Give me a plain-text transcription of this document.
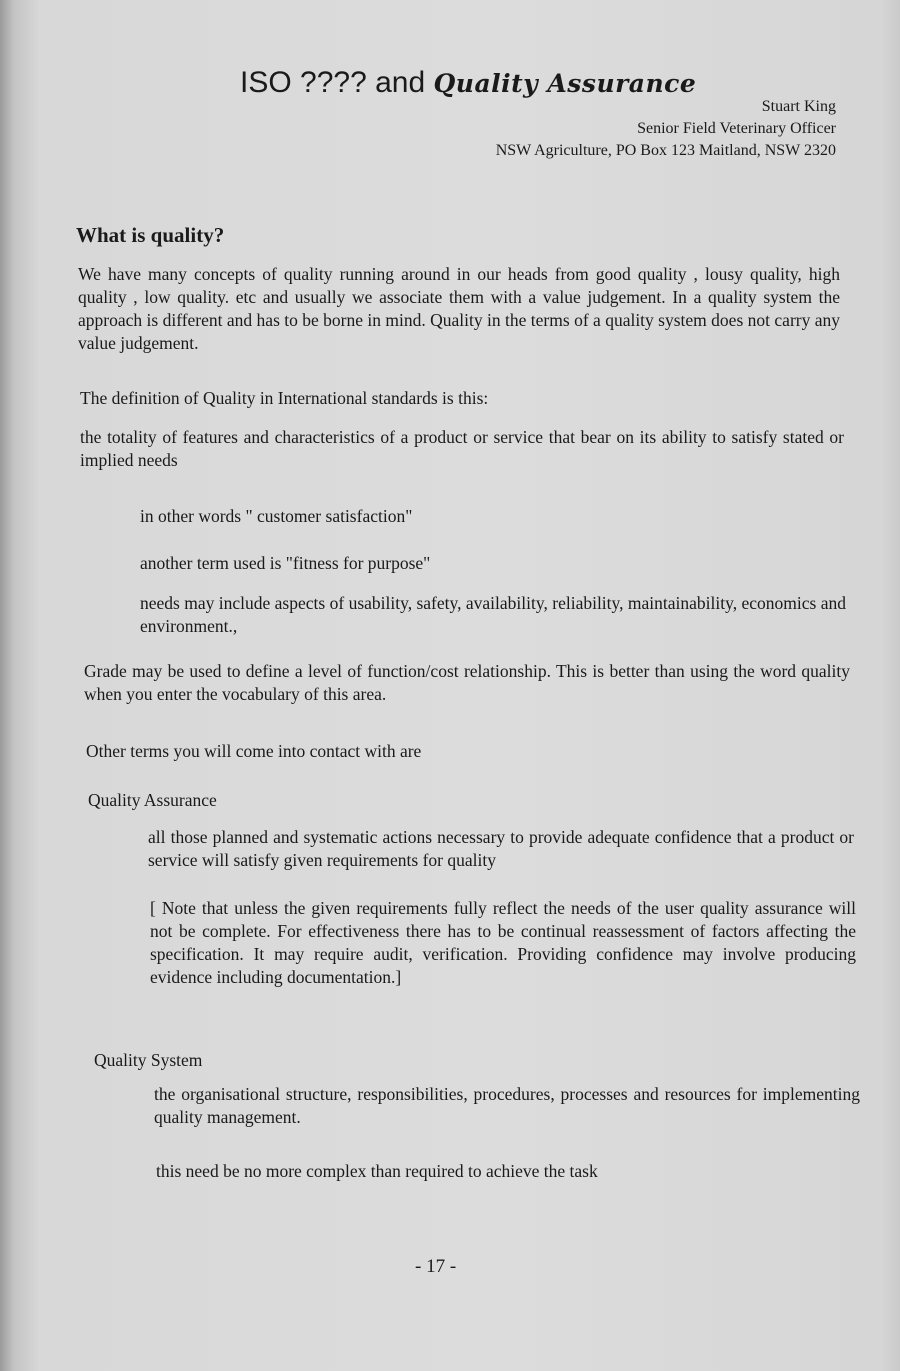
ISO ???? and Quality Assurance
Stuart King
Senior Field Veterinary Officer
NSW Agriculture, PO Box 123 Maitland, NSW 2320
What is quality?
We have many concepts of quality running around in our heads from good quality , lousy quality, high quality , low quality. etc and usually we associate them with a value judgement. In a quality system the approach is different and has to be borne in mind. Quality in the terms of a quality system does not carry any value judgement.
The definition of Quality in International standards is this:
the totality of features and characteristics of a product or service that bear on its ability to satisfy stated or implied needs
in other words " customer satisfaction"
another term used is "fitness for purpose"
needs may include aspects of usability, safety, availability, reliability, maintainability, economics and environment.,
Grade may be used to define a level of function/cost relationship. This is better than using the word quality when you enter the vocabulary of this area.
Other terms you will come into contact with are
Quality Assurance
all those planned and systematic actions necessary to provide adequate confidence that a product or service will satisfy given requirements for quality
[ Note that unless the given requirements fully reflect the needs of the user quality assurance will not be complete. For effectiveness there has to be continual reassessment of factors affecting the specification. It may require audit, verification. Providing confidence may involve producing evidence including documentation.]
Quality System
the organisational structure, responsibilities, procedures, processes and resources for implementing quality management.
this need be no more complex than required to achieve the task
- 17 -
